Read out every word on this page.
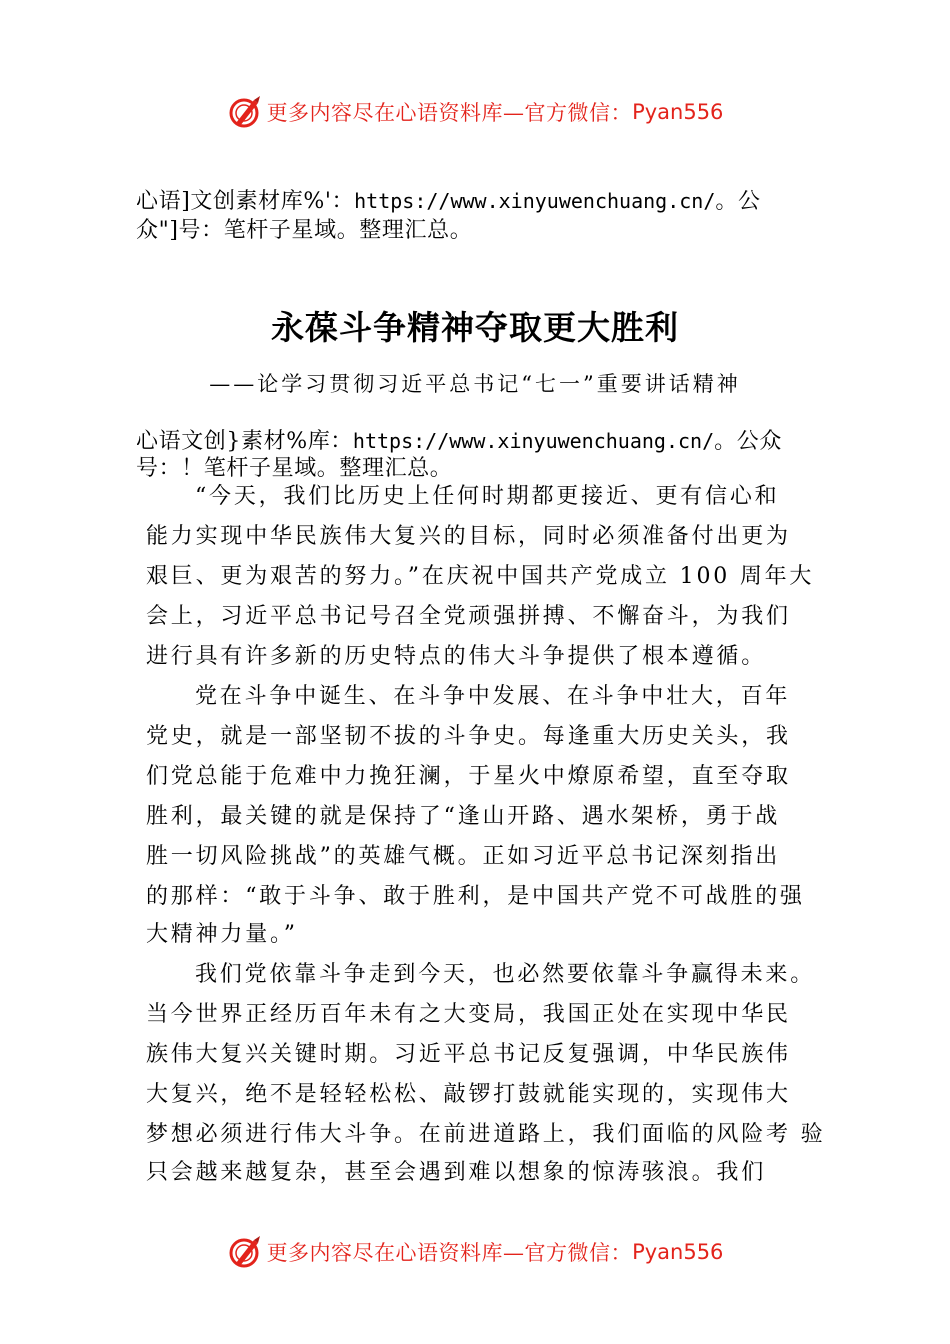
更多内容尽在心语资料库—官方微信： Pyan556
心语]文创素材库%'：https://www.xinyuwenchuang.cn/。公
众"]号：笔杆子星域。整理汇总。
永葆斗争精神夺取更大胜利
——论学习贯彻习近平总书记“七一”重要讲话精神
心语文创}素材%库：https://www.xinyuwenchuang.cn/。公众
号：！笔杆子星域。整理汇总。
“今天，我们比历史上任何时期都更接近、更有信心和
能力实现中华民族伟大复兴的目标，同时必须准备付出更为
艰巨、更为艰苦的努力。”在庆祝中国共产党成立 100 周年大
会上，习近平总书记号召全党顽强拼搏、不懈奋斗，为我们
进行具有许多新的历史特点的伟大斗争提供了根本遵循。
党在斗争中诞生、在斗争中发展、在斗争中壮大，百年
党史，就是一部坚韧不拔的斗争史。每逢重大历史关头，我
们党总能于危难中力挽狂澜，于星火中燎原希望，直至夺取
胜利，最关键的就是保持了“逢山开路、遇水架桥，勇于战
胜一切风险挑战”的英雄气概。正如习近平总书记深刻指出
的那样：“敢于斗争、敢于胜利，是中国共产党不可战胜的强
大精神力量。”
我们党依靠斗争走到今天，也必然要依靠斗争赢得未来。
当今世界正经历百年未有之大变局，我国正处在实现中华民
族伟大复兴关键时期。习近平总书记反复强调，中华民族伟
大复兴，绝不是轻轻松松、敲锣打鼓就能实现的，实现伟大
梦想必须进行伟大斗争。在前进道路上，我们面临的风险考 验
只会越来越复杂，甚至会遇到难以想象的惊涛骇浪。我们
更多内容尽在心语资料库—官方微信： Pyan556
